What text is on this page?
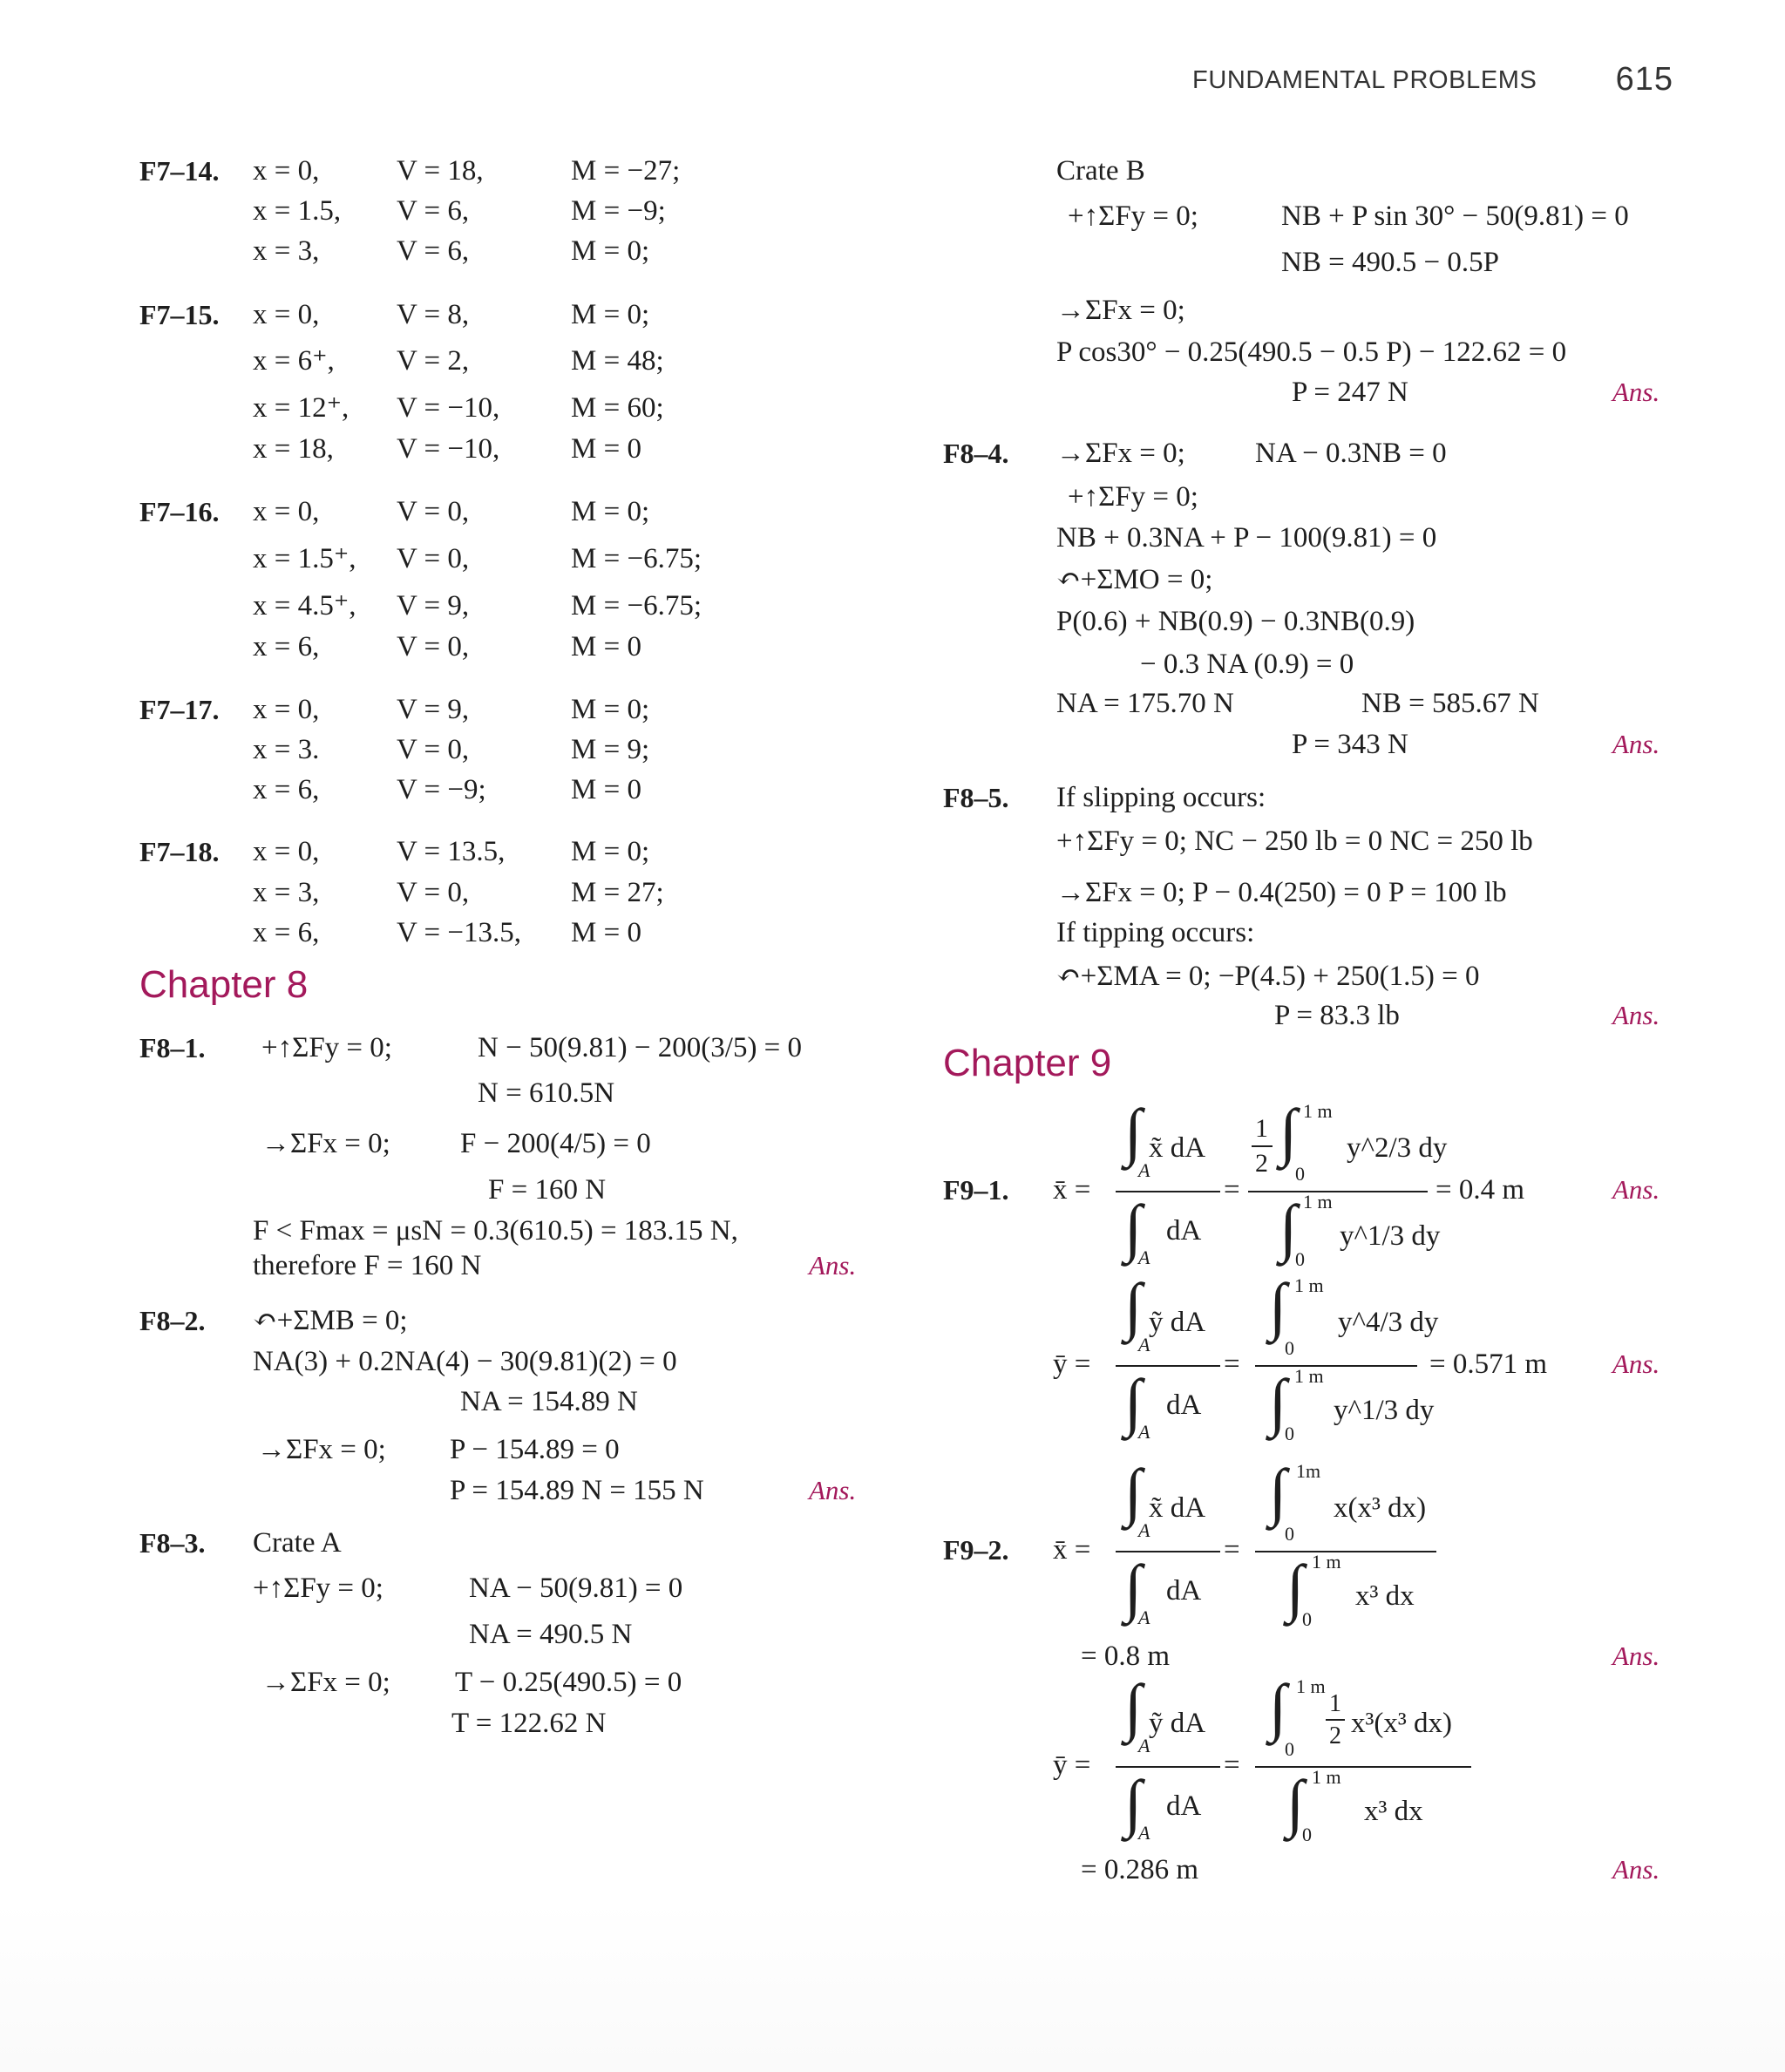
FUNDAMENTAL PROBLEMS	615
F7–14. x = 0,	V = 18,	M = −27;
x = 1.5, V = 6,	M = −9;
x = 3,	V = 6,	M = 0;
F7–15. x = 0,	V = 8,	M = 0;
x = 6⁺, V = 2,	M = 48;
x = 12⁺, V = −10, M = 60;
x = 18, V = −10, M = 0
F7–16. x = 0,	V = 0,	M = 0;
x = 1.5⁺, V = 0,	M = −6.75;
x = 4.5⁺, V = 9,	M = −6.75;
x = 6,	V = 0,	M = 0
F7–17. x = 0,	V = 9,	M = 0;
x = 3.	V = 0,	M = 9;
x = 6,	V = −9;	M = 0
F7–18. x = 0,	V = 13.5, M = 0;
x = 3,	V = 0,	M = 27;
x = 6,	V = −13.5, M = 0
Chapter 8
F8–1. +↑ΣFy = 0;	N − 50(9.81) − 200(3/5) = 0
N = 610.5N
→ΣFx = 0; F − 200(4/5) = 0
F = 160 N
F < Fmax = μsN = 0.3(610.5) = 183.15 N,
therefore F = 160 N	Ans.
F8–2. ↶+ΣMB = 0;
NA(3) + 0.2NA(4) − 30(9.81)(2) = 0
NA = 154.89 N
→ΣFx = 0; P − 154.89 = 0
P = 154.89 N = 155 N	Ans.
F8–3. Crate A
+↑ΣFy = 0;	NA − 50(9.81) = 0
NA = 490.5 N
→ΣFx = 0; T − 0.25(490.5) = 0
T = 122.62 N
Crate B
+↑ΣFy = 0;	NB + P sin 30° − 50(9.81) = 0
NB = 490.5 − 0.5P
→ΣFx = 0;
P cos30° − 0.25(490.5 − 0.5 P) − 122.62 = 0
P = 247 N	Ans.
F8–4. →ΣFx = 0; NA − 0.3NB = 0
+↑ΣFy = 0;
NB + 0.3NA + P − 100(9.81) = 0
↶+ΣMO = 0;
P(0.6) + NB(0.9) − 0.3NB(0.9)
− 0.3 NA (0.9) = 0
NA = 175.70 N	NB = 585.67 N
P = 343 N	Ans.
F8–5. If slipping occurs:
+↑ΣFy = 0; NC − 250 lb = 0 NC = 250 lb
→ΣFx = 0; P − 0.4(250) = 0 P = 100 lb
If tipping occurs:
↶+ΣMA = 0; −P(4.5) + 250(1.5) = 0
P = 83.3 lb	Ans.
Chapter 9
F9–1. x̄ =
∫
A
x̃ dA
∫
A
dA
=
1
2 ∫ 1 m
0
y^2/3 dy
∫ 1 m
0
y^1/3 dy
= 0.4 m	Ans.
ȳ =
∫
A
ỹ dA
∫
A
dA
=
∫ 1 m
0
y^4/3 dy
∫ 1 m
0
y^1/3 dy
= 0.571 m Ans.
F9–2. x̄ =
∫
A
x̃ dA
∫
A
dA
=
∫ 1m
0
x(x³ dx)
∫ 1 m
0
x³ dx
= 0.8 m	Ans.
ȳ =
∫
A
ỹ dA
∫
A
dA
=
∫ 1 m
0
1
2 x³(x³ dx)
∫ 1 m
0
x³ dx
= 0.286 m	Ans.
